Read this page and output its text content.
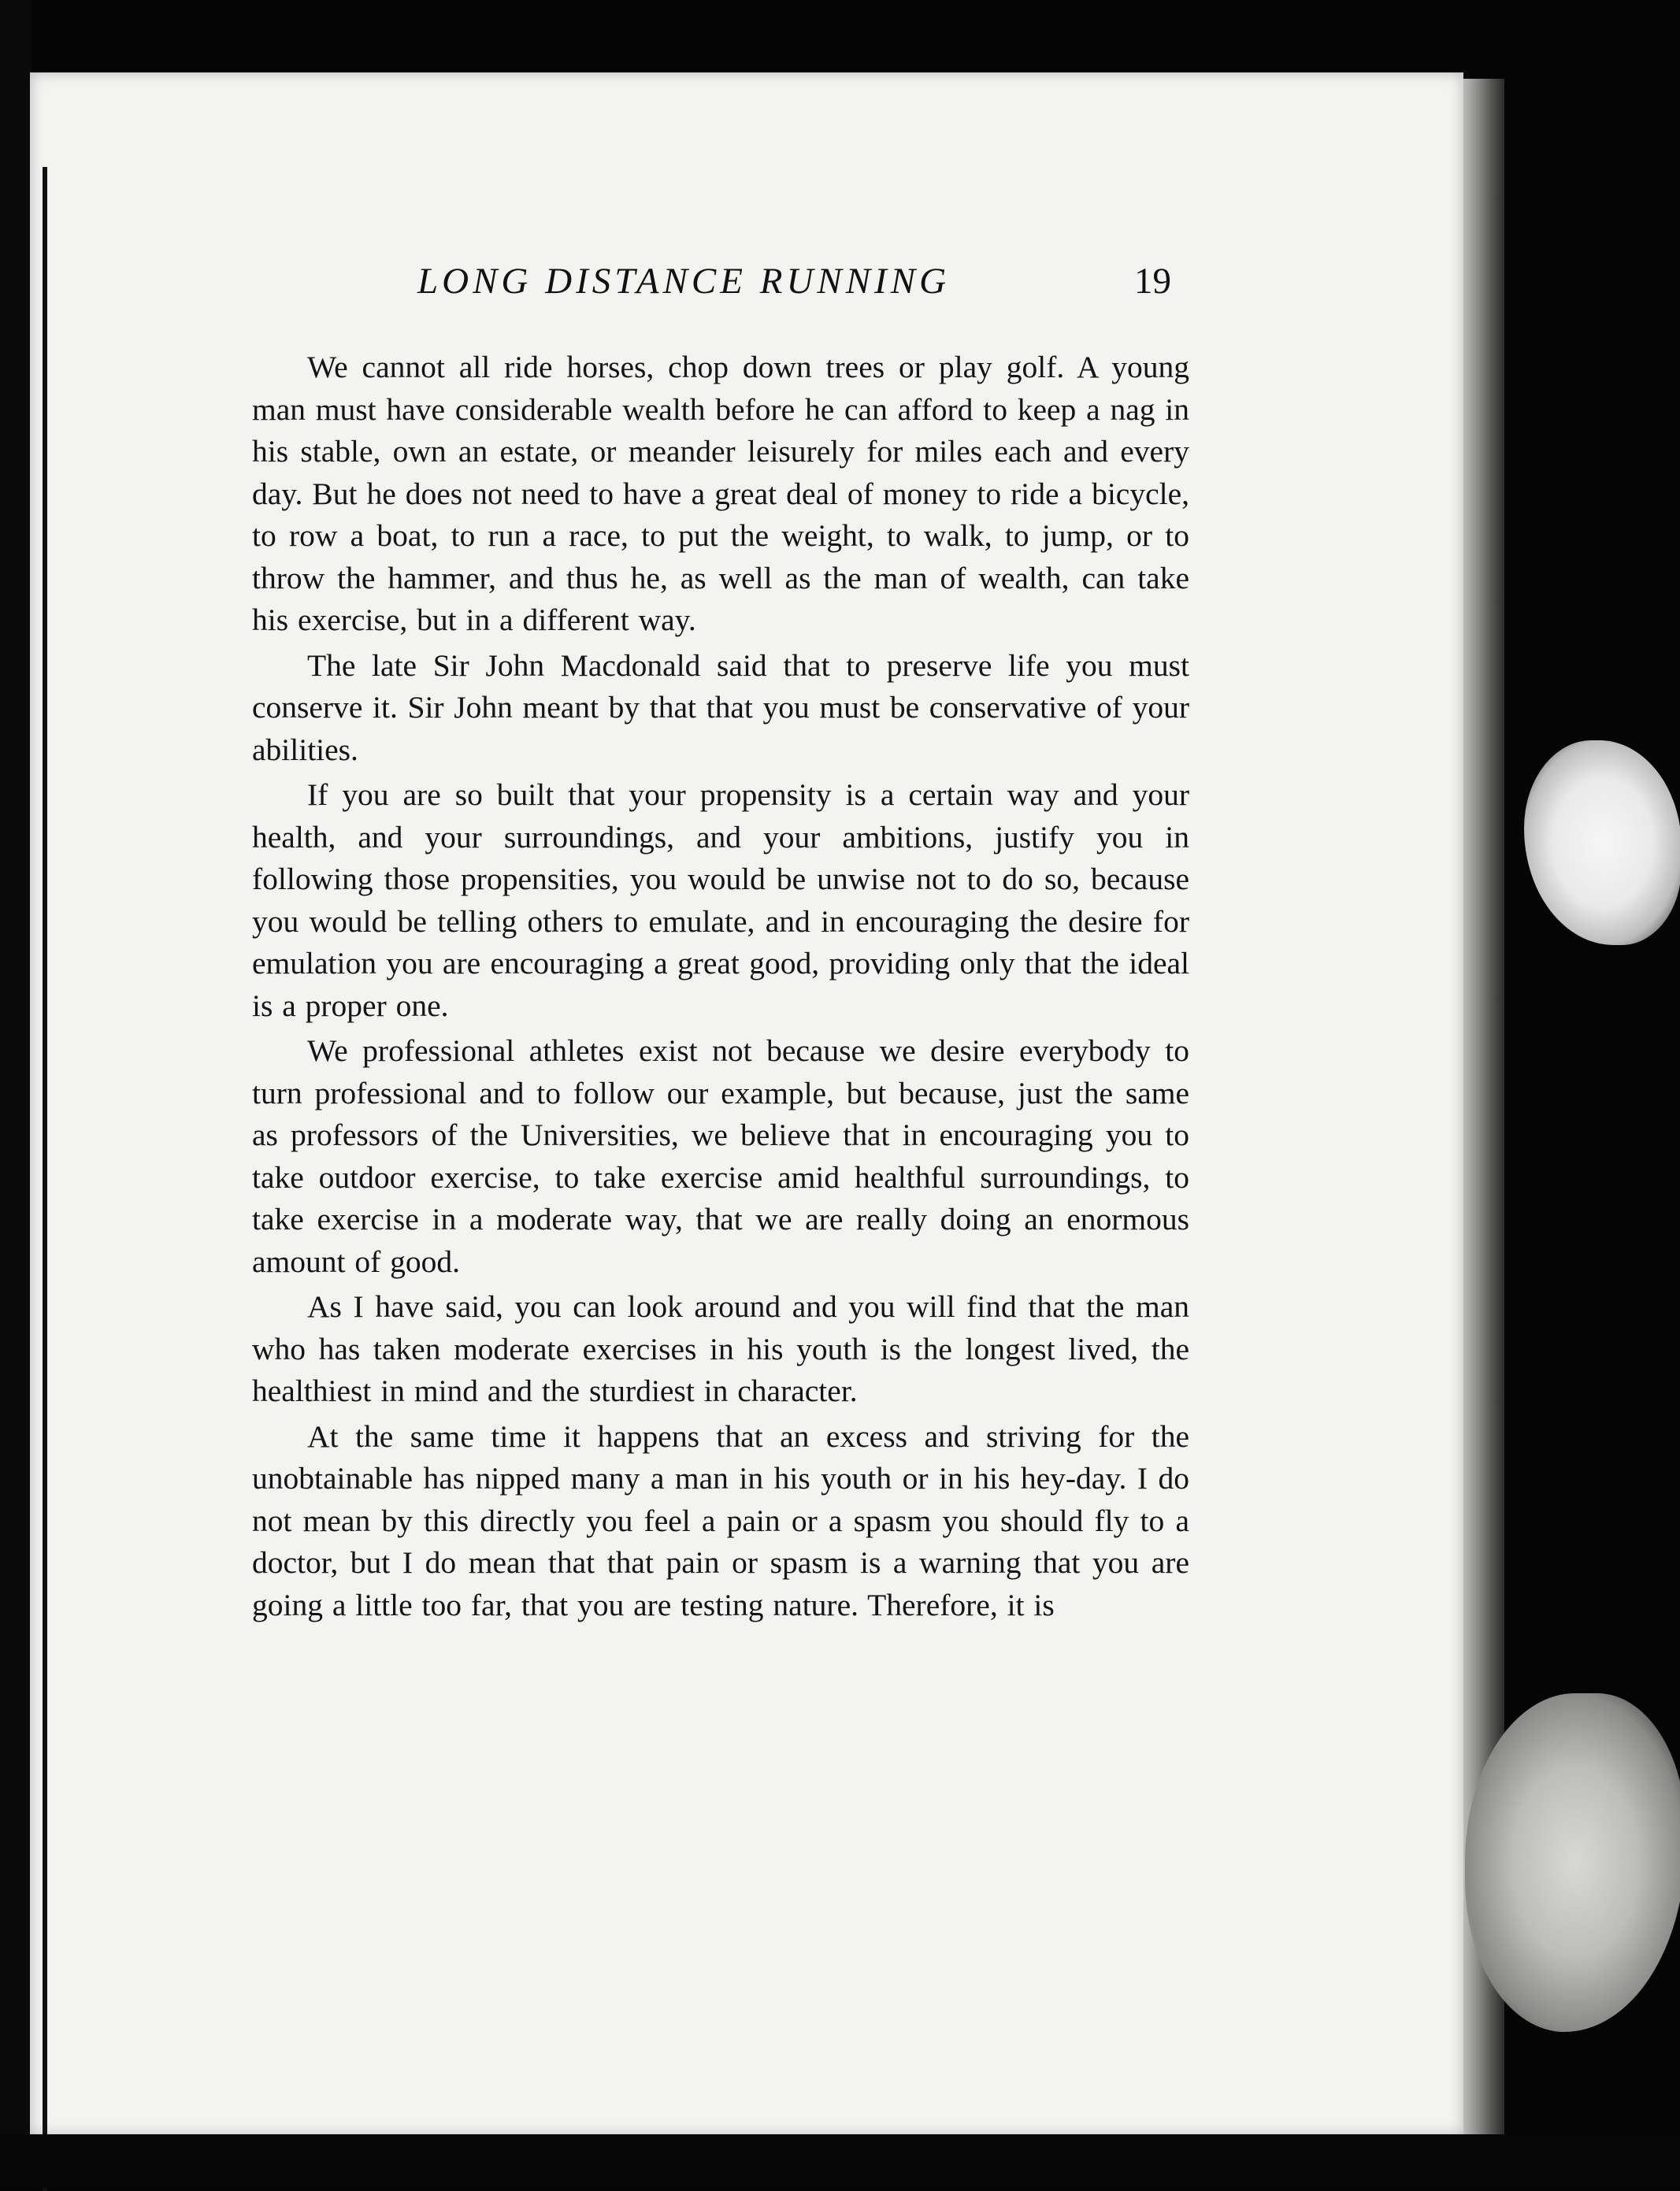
LONG DISTANCE RUNNING	19

We cannot all ride horses, chop down trees or play golf. A young man must have considerable wealth before he can afford to keep a nag in his stable, own an estate, or meander leisurely for miles each and every day. But he does not need to have a great deal of money to ride a bicycle, to row a boat, to run a race, to put the weight, to walk, to jump, or to throw the hammer, and thus he, as well as the man of wealth, can take his exercise, but in a different way.

The late Sir John Macdonald said that to preserve life you must conserve it. Sir John meant by that that you must be conservative of your abilities.

If you are so built that your propensity is a certain way and your health, and your surroundings, and your ambitions, justify you in following those propensities, you would be unwise not to do so, because you would be telling others to emulate, and in encouraging the desire for emulation you are encouraging a great good, providing only that the ideal is a proper one.

We professional athletes exist not because we desire everybody to turn professional and to follow our example, but because, just the same as professors of the Universities, we believe that in encouraging you to take outdoor exercise, to take exercise amid healthful surroundings, to take exercise in a moderate way, that we are really doing an enormous amount of good.

As I have said, you can look around and you will find that the man who has taken moderate exercises in his youth is the longest lived, the healthiest in mind and the sturdiest in character.

At the same time it happens that an excess and striving for the unobtainable has nipped many a man in his youth or in his hey-day. I do not mean by this directly you feel a pain or a spasm you should fly to a doctor, but I do mean that that pain or spasm is a warning that you are going a little too far, that you are testing nature. Therefore, it is
